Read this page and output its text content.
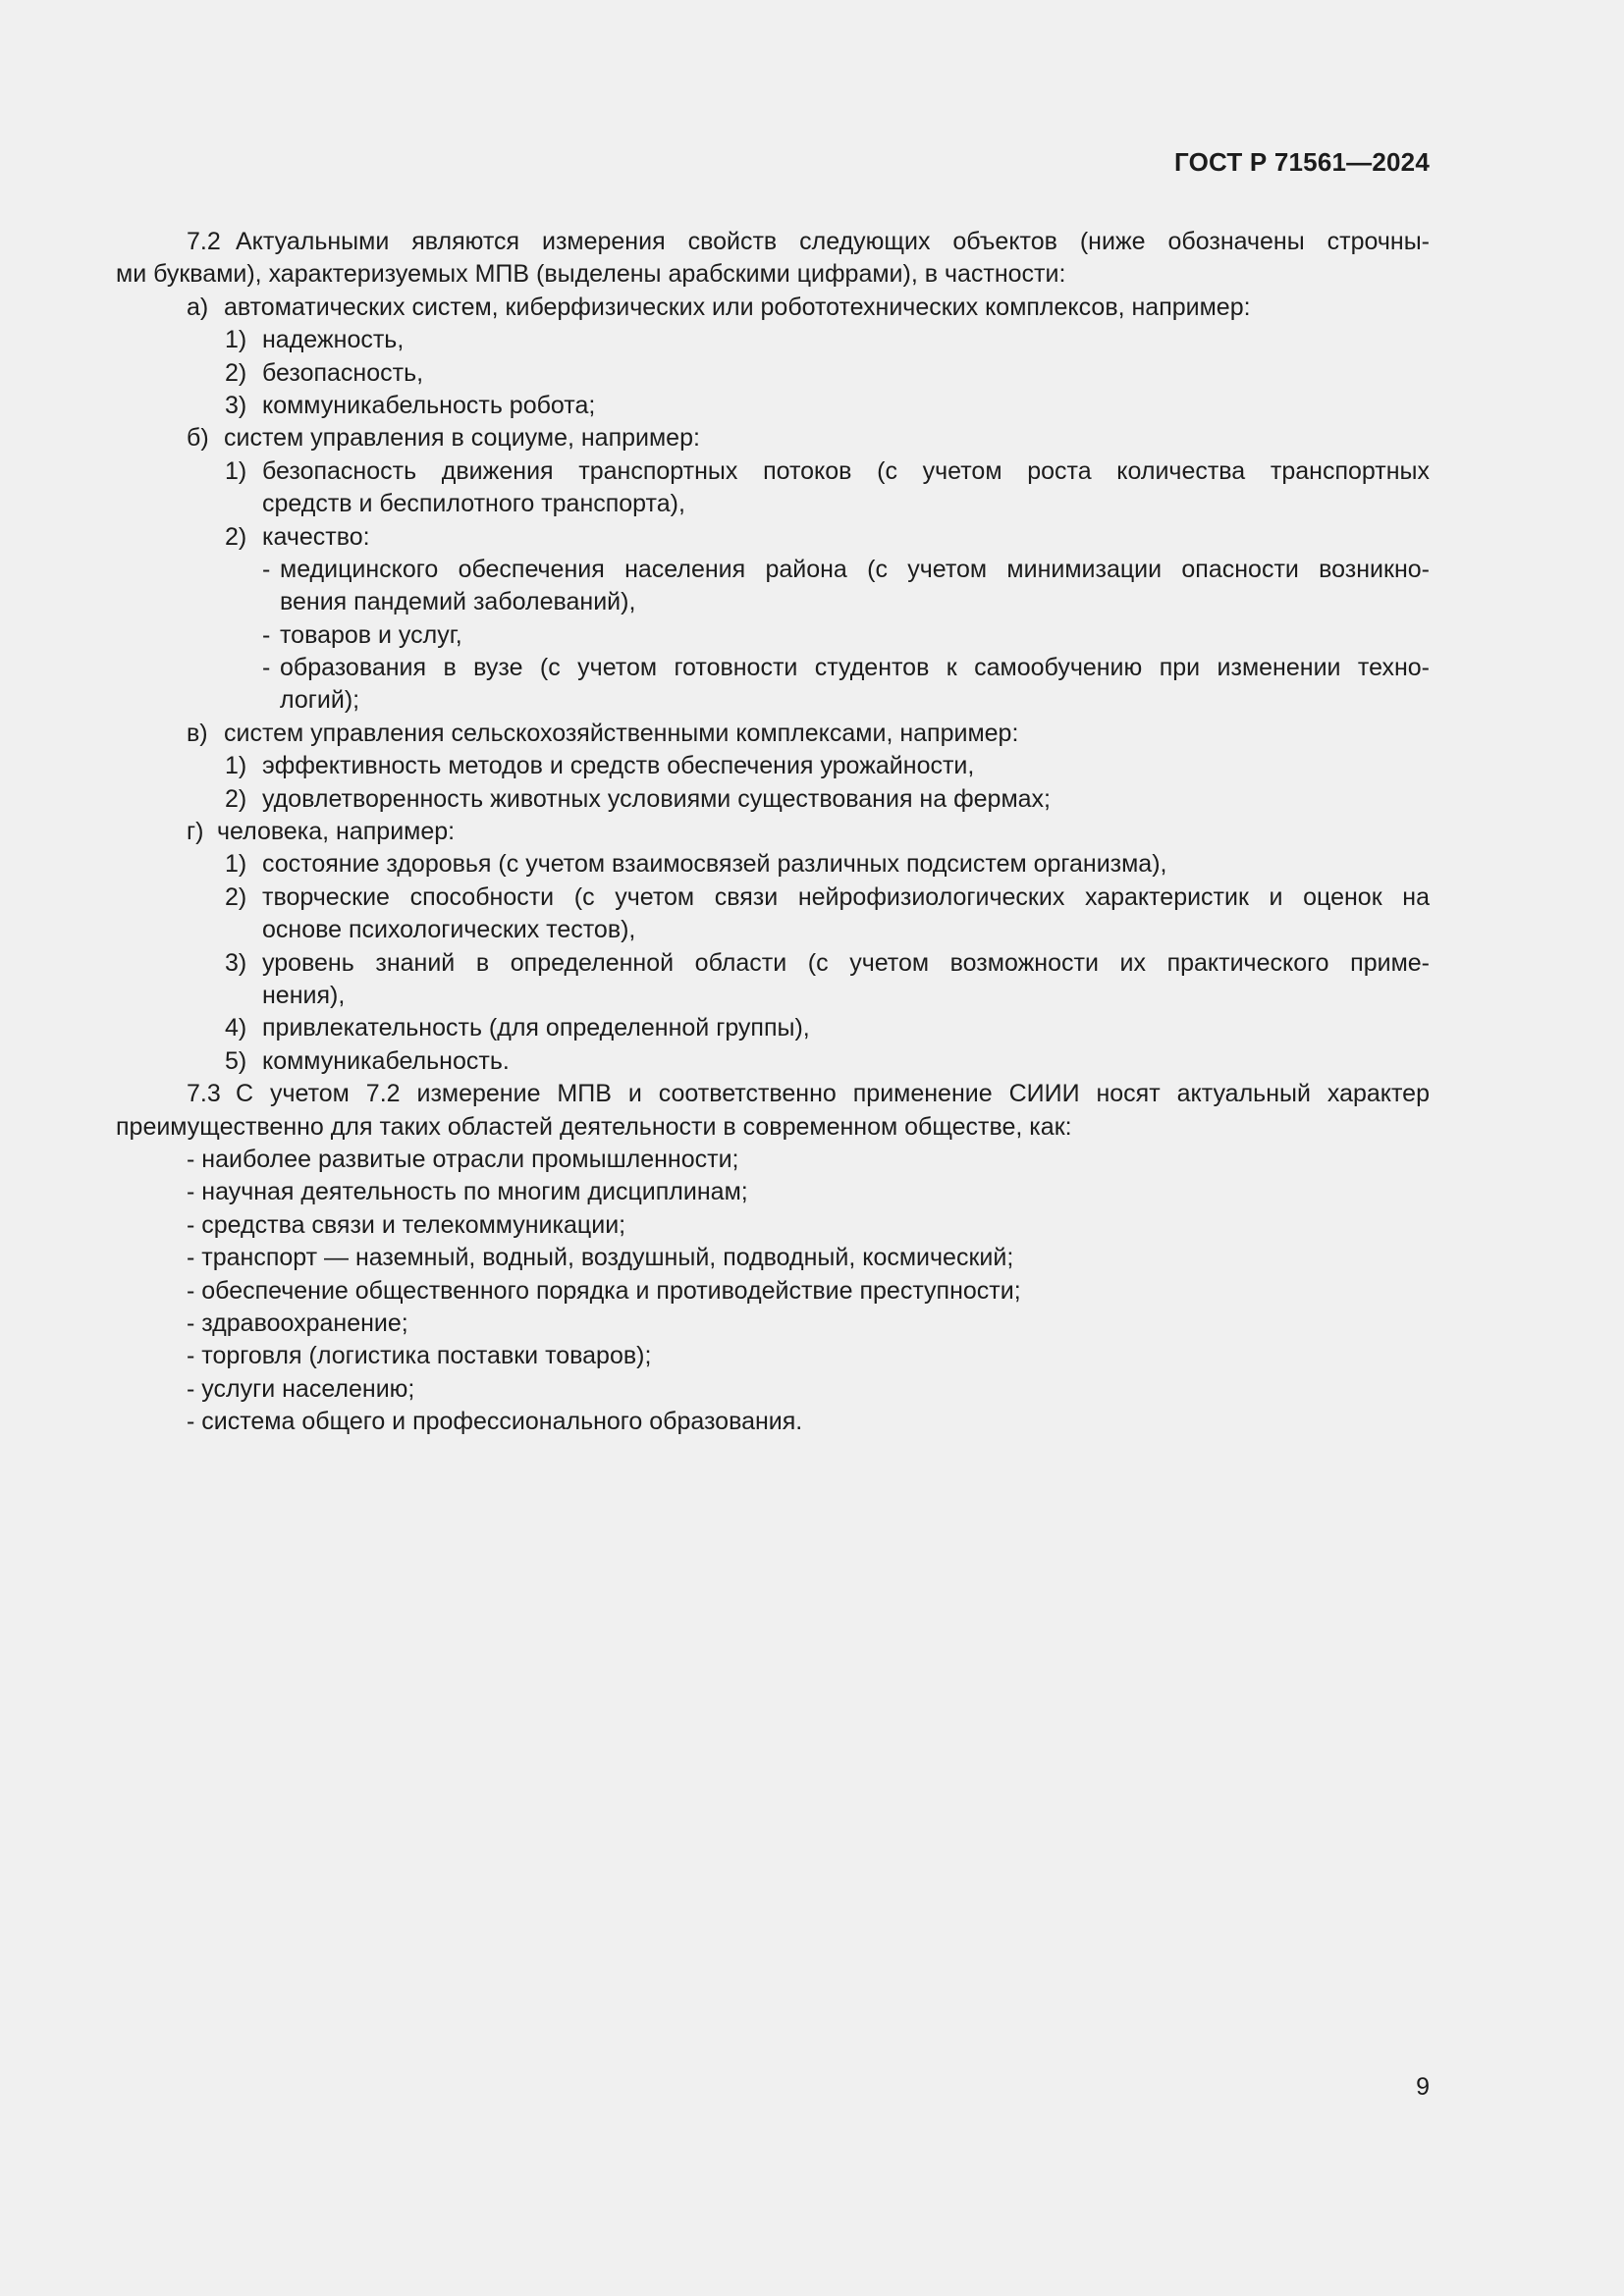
ГОСТ Р 71561—2024
7.2 Актуальными являются измерения свойств следующих объектов (ниже обозначены строчны-
ми буквами), характеризуемых МПВ (выделены арабскими цифрами), в частности:
а) автоматических систем, киберфизических или робототехнических комплексов, например:
1) надежность,
2) безопасность,
3) коммуникабельность робота;
б) систем управления в социуме, например:
1) безопасность движения транспортных потоков (с учетом роста количества транспортных
средств и беспилотного транспорта),
2) качество:
- медицинского обеспечения населения района (с учетом минимизации опасности возникно-
вения пандемий заболеваний),
- товаров и услуг,
- образования в вузе (с учетом готовности студентов к самообучению при изменении техно-
логий);
в) систем управления сельскохозяйственными комплексами, например:
1) эффективность методов и средств обеспечения урожайности,
2) удовлетворенность животных условиями существования на фермах;
г) человека, например:
1) состояние здоровья (с учетом взаимосвязей различных подсистем организма),
2) творческие способности (с учетом связи нейрофизиологических характеристик и оценок на
основе психологических тестов),
3) уровень знаний в определенной области (с учетом возможности их практического приме-
нения),
4) привлекательность (для определенной группы),
5) коммуникабельность.
7.3 С учетом 7.2 измерение МПВ и соответственно применение СИИИ носят актуальный характер
преимущественно для таких областей деятельности в современном обществе, как:
- наиболее развитые отрасли промышленности;
- научная деятельность по многим дисциплинам;
- средства связи и телекоммуникации;
- транспорт — наземный, водный, воздушный, подводный, космический;
- обеспечение общественного порядка и противодействие преступности;
- здравоохранение;
- торговля (логистика поставки товаров);
- услуги населению;
- система общего и профессионального образования.
9
